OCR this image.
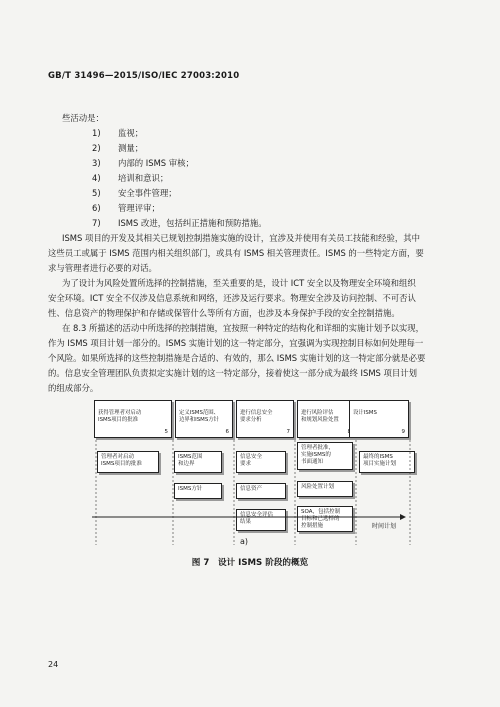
GB/T 31496—2015/ISO/IEC 27003:2010
些活动是：
1) 监视；
2) 测量；
3) 内部的 ISMS 审核；
4) 培训和意识；
5) 安全事件管理；
6) 管理评审；
7) ISMS 改进，包括纠正措施和预防措施。
ISMS 项目的开发及其相关已规划控制措施实施的设计，宜涉及并使用有关员工技能和经验，其中
这些员工或属于 ISMS 范围内相关组织部门，或具有 ISMS 相关管理责任。ISMS 的一些特定方面，要
求与管理者进行必要的对话。
为了设计为风险处置所选择的控制措施，至关重要的是，设计 ICT 安全以及物理安全环境和组织
安全环境。ICT 安全不仅涉及信息系统和网络，还涉及运行要求。物理安全涉及访问控制、不可否认
性、信息资产的物理保护和存储或保管什么等所有方面，也涉及本身保护手段的安全控制措施。
在 8.3 所描述的活动中所选择的控制措施，宜按照一种特定的结构化和详细的实施计划予以实现，
作为 ISMS 项目计划一部分的。ISMS 实施计划的这一特定部分，宜强调为实现控制目标如何处理每一
个风险。如果所选择的这些控制措施是合适的、有效的，那么 ISMS 实施计划的这一特定部分就是必要
的。信息安全管理团队负责拟定实施计划的这一特定部分，接着使这一部分成为最终 ISMS 项目计划
的组成部分。

获得管理者对启动
ISMS项目的批准
5

定义ISMS范围、
边界和ISMS方针
6

进行信息安全
要求分析
7

进行风险评估
和规划风险处置

设计ISMS
9

管理者对启动
ISMS项目的批准
ISMS范围
和边界
ISMS方针
信息安全
要求
信息资产
信息安全评估
结果
管理者批准，
实施ISMS的
书面通知
风险处置计划
SOA，包括控制
目标和已选择的
控制措施
最终的ISMS
项目实施计划
时间计划
a)
图 7　设计 ISMS 阶段的概览
24
